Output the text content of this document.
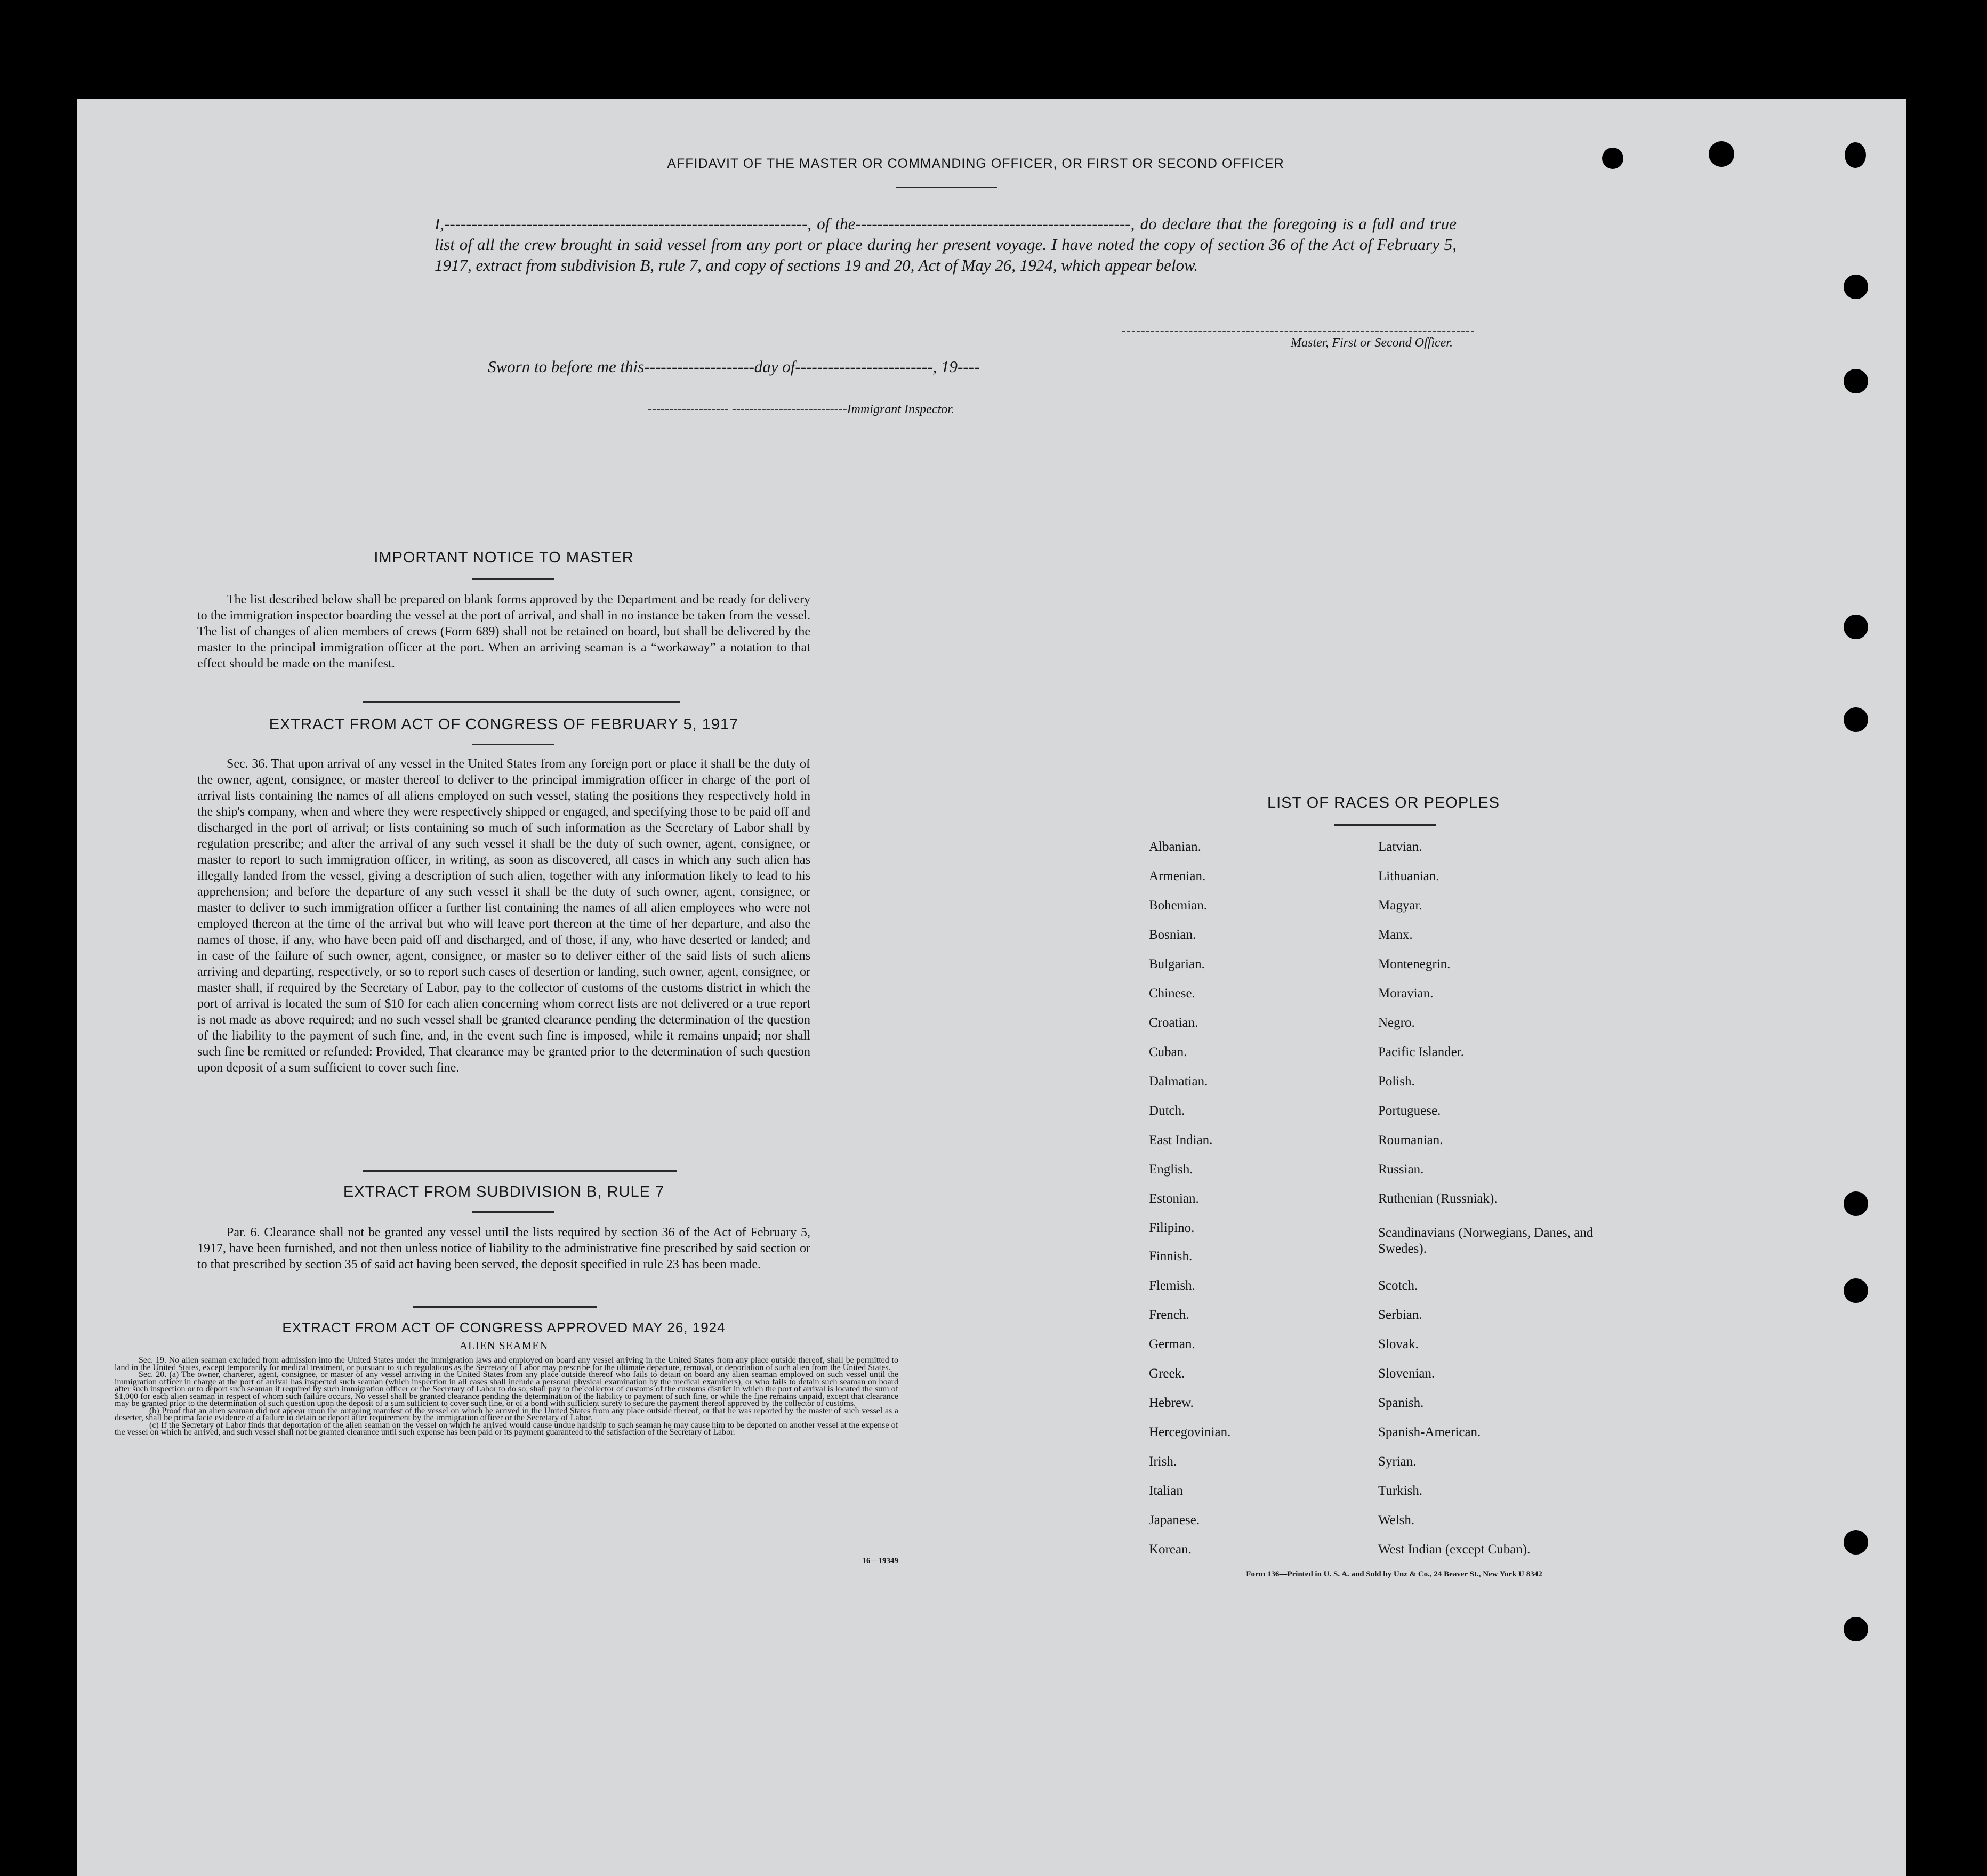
AFFIDAVIT OF THE MASTER OR COMMANDING OFFICER, OR FIRST OR SECOND OFFICER
I,------------------------------------------------------------------, of the--------------------------------------------------, do declare that the foregoing is a full and true list of all the crew brought in said vessel from any port or place during her present voyage. I have noted the copy of section 36 of the Act of February 5, 1917, extract from subdivision B, rule 7, and copy of sections 19 and 20, Act of May 26, 1924, which appear below.
Master, First or Second Officer.
Sworn to before me this--------------------day of-------------------------, 19----
------------------- ---------------------------Immigrant Inspector.
IMPORTANT NOTICE TO MASTER
The list described below shall be prepared on blank forms approved by the Department and be ready for delivery to the immigration inspector boarding the vessel at the port of arrival, and shall in no instance be taken from the vessel. The list of changes of alien members of crews (Form 689) shall not be retained on board, but shall be delivered by the master to the principal immigration officer at the port. When an arriving seaman is a “workaway” a notation to that effect should be made on the manifest.
EXTRACT FROM ACT OF CONGRESS OF FEBRUARY 5, 1917
Sec. 36. That upon arrival of any vessel in the United States from any foreign port or place it shall be the duty of the owner, agent, consignee, or master thereof to deliver to the principal immigration officer in charge of the port of arrival lists containing the names of all aliens employed on such vessel, stating the positions they respectively hold in the ship's company, when and where they were respectively shipped or engaged, and specifying those to be paid off and discharged in the port of arrival; or lists containing so much of such information as the Secretary of Labor shall by regulation prescribe; and after the arrival of any such vessel it shall be the duty of such owner, agent, consignee, or master to report to such immigration officer, in writing, as soon as discovered, all cases in which any such alien has illegally landed from the vessel, giving a description of such alien, together with any information likely to lead to his apprehension; and before the departure of any such vessel it shall be the duty of such owner, agent, consignee, or master to deliver to such immigration officer a further list containing the names of all alien employees who were not employed thereon at the time of the arrival but who will leave port thereon at the time of her departure, and also the names of those, if any, who have been paid off and discharged, and of those, if any, who have deserted or landed; and in case of the failure of such owner, agent, consignee, or master so to deliver either of the said lists of such aliens arriving and departing, respectively, or so to report such cases of desertion or landing, such owner, agent, consignee, or master shall, if required by the Secretary of Labor, pay to the collector of customs of the customs district in which the port of arrival is located the sum of $10 for each alien concerning whom correct lists are not delivered or a true report is not made as above required; and no such vessel shall be granted clearance pending the determination of the question of the liability to the payment of such fine, and, in the event such fine is imposed, while it remains unpaid; nor shall such fine be remitted or refunded: Provided, That clearance may be granted prior to the determination of such question upon deposit of a sum sufficient to cover such fine.
EXTRACT FROM SUBDIVISION B, RULE 7
Par. 6. Clearance shall not be granted any vessel until the lists required by section 36 of the Act of February 5, 1917, have been furnished, and not then unless notice of liability to the administrative fine prescribed by said section or to that prescribed by section 35 of said act having been served, the deposit specified in rule 23 has been made.
EXTRACT FROM ACT OF CONGRESS APPROVED MAY 26, 1924
ALIEN SEAMEN
Sec. 19. No alien seaman excluded from admission into the United States under the immigration laws and employed on board any vessel arriving in the United States from any place outside thereof, shall be permitted to land in the United States, except temporarily for medical treatment, or pursuant to such regulations as the Secretary of Labor may prescribe for the ultimate departure, removal, or deportation of such alien from the United States.
Sec. 20. (a) The owner, charterer, agent, consignee, or master of any vessel arriving in the United States from any place outside thereof who fails to detain on board any alien seaman employed on such vessel until the immigration officer in charge at the port of arrival has inspected such seaman (which inspection in all cases shall include a personal physical examination by the medical examiners), or who fails to detain such seaman on board after such inspection or to deport such seaman if required by such immigration officer or the Secretary of Labor to do so, shall pay to the collector of customs of the customs district in which the port of arrival is located the sum of $1,000 for each alien seaman in respect of whom such failure occurs. No vessel shall be granted clearance pending the determination of the liability to payment of such fine, or while the fine remains unpaid, except that clearance may be granted prior to the determination of such question upon the deposit of a sum sufficient to cover such fine, or of a bond with sufficient surety to secure the payment thereof approved by the collector of customs.
(b) Proof that an alien seaman did not appear upon the outgoing manifest of the vessel on which he arrived in the United States from any place outside thereof, or that he was reported by the master of such vessel as a deserter, shall be prima facie evidence of a failure to detain or deport after requirement by the immigration officer or the Secretary of Labor.
(c) If the Secretary of Labor finds that deportation of the alien seaman on the vessel on which he arrived would cause undue hardship to such seaman he may cause him to be deported on another vessel at the expense of the vessel on which he arrived, and such vessel shall not be granted clearance until such expense has been paid or its payment guaranteed to the satisfaction of the Secretary of Labor.
16—19349
LIST OF RACES OR PEOPLES
Albanian.
Armenian.
Bohemian.
Bosnian.
Bulgarian.
Chinese.
Croatian.
Cuban.
Dalmatian.
Dutch.
East Indian.
English.
Estonian.
Filipino.
Finnish.
Flemish.
French.
German.
Greek.
Hebrew.
Hercegovinian.
Irish.
Italian
Japanese.
Korean.
Latvian.
Lithuanian.
Magyar.
Manx.
Montenegrin.
Moravian.
Negro.
Pacific Islander.
Polish.
Portuguese.
Roumanian.
Russian.
Ruthenian (Russniak).
Scandinavians (Norwegians, Danes, and Swedes).
Scotch.
Serbian.
Slovak.
Slovenian.
Spanish.
Spanish-American.
Syrian.
Turkish.
Welsh.
West Indian (except Cuban).
Form 136—Printed in U. S. A. and Sold by Unz & Co., 24 Beaver St., New York U 8342
